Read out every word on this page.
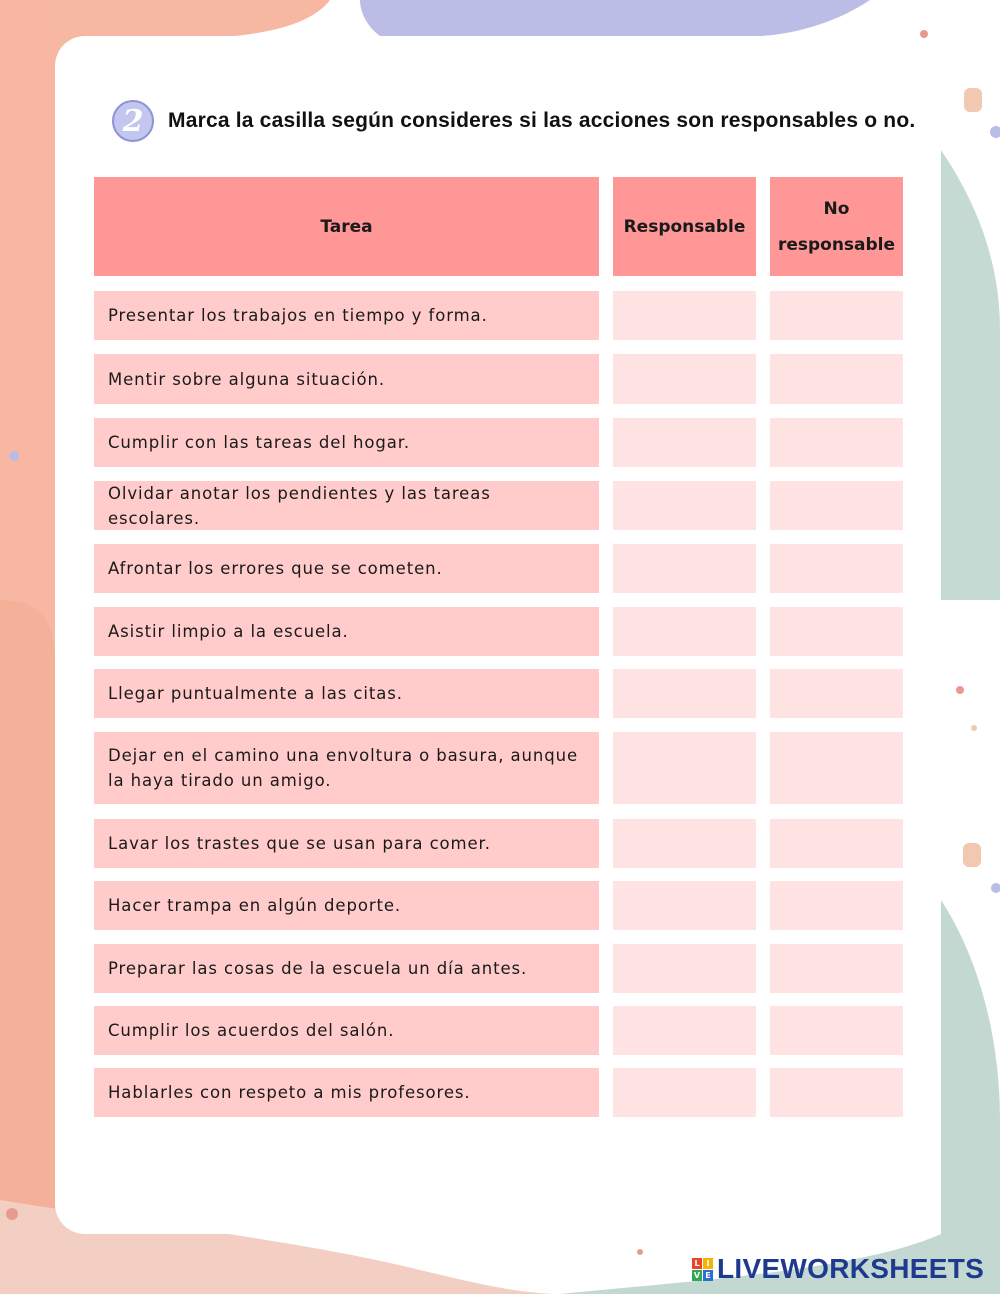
2	Marca la casilla según consideres si las acciones son responsables o no.
Tarea	Responsable
No
responsable
Presentar los trabajos en tiempo y forma.
Mentir sobre alguna situación.
Cumplir con las tareas del hogar.
Olvidar anotar los pendientes y las tareas escolares.
Afrontar los errores que se cometen.
Asistir limpio a la escuela.
Llegar puntualmente a las citas.
Dejar en el camino una envoltura o basura, aunque la haya tirado un amigo.
Lavar los trastes que se usan para comer.
Hacer trampa en algún deporte.
Preparar las cosas de la escuela un día antes.
Cumplir los acuerdos del salón.
Hablarles con respeto a mis profesores.
L I
V E LIVEWORKSHEETS
